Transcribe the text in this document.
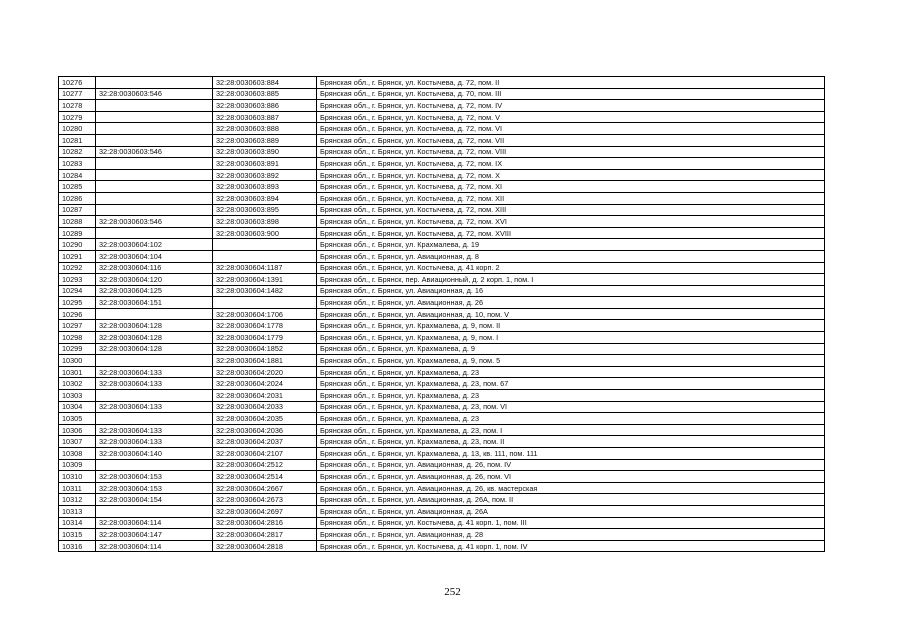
10276		32:28:0030603:884	Брянская обл., г. Брянск, ул. Костычева, д. 72, пом. II
10277	32:28:0030603:546	32:28:0030603:885	Брянская обл., г. Брянск, ул. Костычева, д. 70, пом. III
10278		32:28:0030603:886	Брянская обл., г. Брянск, ул. Костычева, д. 72, пом. IV
10279		32:28:0030603:887	Брянская обл., г. Брянск, ул. Костычева, д. 72, пом. V
10280		32:28:0030603:888	Брянская обл., г. Брянск, ул. Костычева, д. 72, пом. VI
10281		32:28:0030603:889	Брянская обл., г. Брянск, ул. Костычева, д. 72, пом. VII
10282	32:28:0030603:546	32:28:0030603:890	Брянская обл., г. Брянск, ул. Костычева, д. 72, пом. VIII
10283		32:28:0030603:891	Брянская обл., г. Брянск, ул. Костычева, д. 72, пом. IX
10284		32:28:0030603:892	Брянская обл., г. Брянск, ул. Костычева, д. 72, пом. X
10285		32:28:0030603:893	Брянская обл., г. Брянск, ул. Костычева, д. 72, пом. XI
10286		32:28:0030603:894	Брянская обл., г. Брянск, ул. Костычева, д. 72, пом. XII
10287		32:28:0030603:895	Брянская обл., г. Брянск, ул. Костычева, д. 72, пом. XIII
10288	32:28:0030603:546	32:28:0030603:898	Брянская обл., г. Брянск, ул. Костычева, д. 72, пом. XVI
10289		32:28:0030603:900	Брянская обл., г. Брянск, ул. Костычева, д. 72, пом. XVIII
10290	32:28:0030604:102		Брянская обл., г. Брянск, ул. Крахмалева, д. 19
10291	32:28:0030604:104		Брянская обл., г. Брянск, ул. Авиационная, д. 8
10292	32:28:0030604:116	32:28:0030604:1187	Брянская обл., г. Брянск, ул. Костычева, д. 41 корп. 2
10293	32:28:0030604:120	32:28:0030604:1391	Брянская обл., г. Брянск, пер. Авиационный, д. 2 корп. 1, пом. I
10294	32:28:0030604:125	32:28:0030604:1482	Брянская обл., г. Брянск, ул. Авиационная, д. 16
10295	32:28:0030604:151		Брянская обл., г. Брянск, ул. Авиационная, д. 26
10296		32:28:0030604:1706	Брянская обл., г. Брянск, ул. Авиационная, д. 10, пом. V
10297	32:28:0030604:128	32:28:0030604:1778	Брянская обл., г. Брянск, ул. Крахмалева, д. 9, пом. II
10298	32:28:0030604:128	32:28:0030604:1779	Брянская обл., г. Брянск, ул. Крахмалева, д. 9, пом. I
10299	32:28:0030604:128	32:28:0030604:1852	Брянская обл., г. Брянск, ул. Крахмалева, д. 9
10300		32:28:0030604:1881	Брянская обл., г. Брянск, ул. Крахмалева, д. 9, пом. 5
10301	32:28:0030604:133	32:28:0030604:2020	Брянская обл., г. Брянск, ул. Крахмалева, д. 23
10302	32:28:0030604:133	32:28:0030604:2024	Брянская обл., г. Брянск, ул. Крахмалева, д. 23, пом. 67
10303		32:28:0030604:2031	Брянская обл., г. Брянск, ул. Крахмалева, д. 23
10304	32:28:0030604:133	32:28:0030604:2033	Брянская обл., г. Брянск, ул. Крахмалева, д. 23, пом. VI
10305		32:28:0030604:2035	Брянская обл., г. Брянск, ул. Крахмалева, д. 23
10306	32:28:0030604:133	32:28:0030604:2036	Брянская обл., г. Брянск, ул. Крахмалева, д. 23, пом. I
10307	32:28:0030604:133	32:28:0030604:2037	Брянская обл., г. Брянск, ул. Крахмалева, д. 23, пом. II
10308	32:28:0030604:140	32:28:0030604:2107	Брянская обл., г. Брянск, ул. Крахмалева, д. 13, кв. 111, пом. 111
10309		32:28:0030604:2512	Брянская обл., г. Брянск, ул. Авиационная, д. 26, пом. IV
10310	32:28:0030604:153	32:28:0030604:2514	Брянская обл., г. Брянск, ул. Авиационная, д. 26, пом. VI
10311	32:28:0030604:153	32:28:0030604:2667	Брянская обл., г. Брянск, ул. Авиационная, д. 26, кв. мастерская
10312	32:28:0030604:154	32:28:0030604:2673	Брянская обл., г. Брянск, ул. Авиационная, д. 26А, пом. II
10313		32:28:0030604:2697	Брянская обл., г. Брянск, ул. Авиационная, д. 26А
10314	32:28:0030604:114	32:28:0030604:2816	Брянская обл., г. Брянск, ул. Костычева, д. 41 корп. 1, пом. III
10315	32:28:0030604:147	32:28:0030604:2817	Брянская обл., г. Брянск, ул. Авиационная, д. 28
10316	32:28:0030604:114	32:28:0030604:2818	Брянская обл., г. Брянск, ул. Костычева, д. 41 корп. 1, пом. IV
252
